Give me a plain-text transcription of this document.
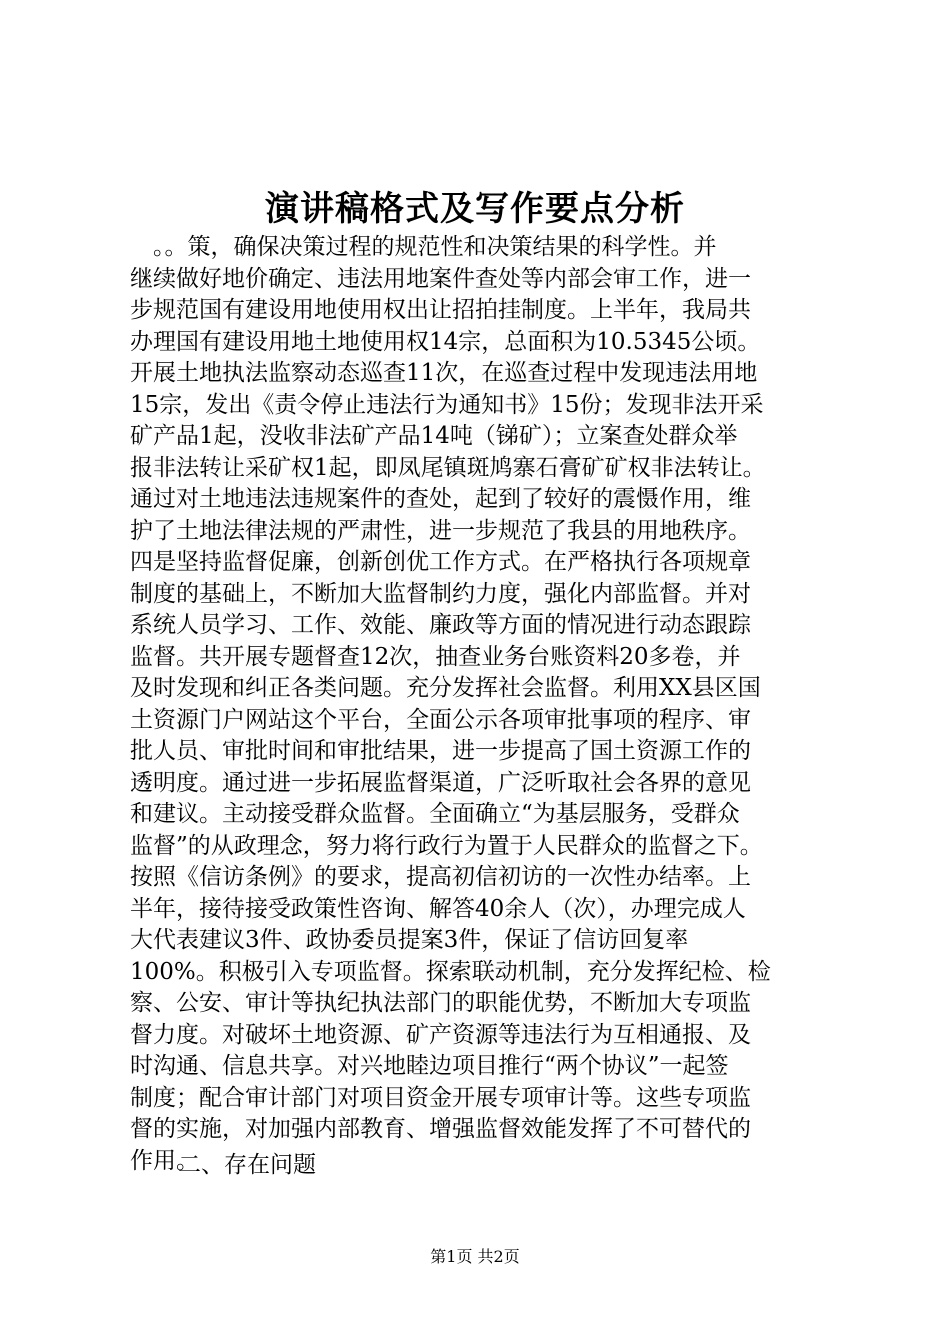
演讲稿格式及写作要点分析
　。。策，确保决策过程的规范性和决策结果的科学性。并
继续做好地价确定、违法用地案件查处等内部会审工作，进一
步规范国有建设用地使用权出让招拍挂制度。上半年，我局共
办理国有建设用地土地使用权14宗，总面积为10.5345公顷。
开展土地执法监察动态巡查11次，在巡查过程中发现违法用地
15宗，发出《责令停止违法行为通知书》15份；发现非法开采
矿产品1起，没收非法矿产品14吨（锑矿）；立案查处群众举
报非法转让采矿权1起，即凤尾镇斑鸠寨石膏矿矿权非法转让。
通过对土地违法违规案件的查处，起到了较好的震慑作用，维
护了土地法律法规的严肃性，进一步规范了我县的用地秩序。
四是坚持监督促廉，创新创优工作方式。在严格执行各项规章
制度的基础上，不断加大监督制约力度，强化内部监督。并对
系统人员学习、工作、效能、廉政等方面的情况进行动态跟踪
监督。共开展专题督查12次，抽查业务台账资料20多卷，并
及时发现和纠正各类问题。充分发挥社会监督。利用XX县区国
土资源门户网站这个平台，全面公示各项审批事项的程序、审
批人员、审批时间和审批结果，进一步提高了国土资源工作的
透明度。通过进一步拓展监督渠道，广泛听取社会各界的意见
和建议。主动接受群众监督。全面确立“为基层服务，受群众
监督”的从政理念，努力将行政行为置于人民群众的监督之下。
按照《信访条例》的要求，提高初信初访的一次性办结率。上
半年，接待接受政策性咨询、解答40余人（次），办理完成人
大代表建议3件、政协委员提案3件，保证了信访回复率
100%。积极引入专项监督。探索联动机制，充分发挥纪检、检
察、公安、审计等执纪执法部门的职能优势，不断加大专项监
督力度。对破坏土地资源、矿产资源等违法行为互相通报、及
时沟通、信息共享。对兴地睦边项目推行“两个协议”一起签
制度；配合审计部门对项目资金开展专项审计等。这些专项监
督的实施，对加强内部教育、增强监督效能发挥了不可替代的
作用。
二、存在问题
第1页 共2页
